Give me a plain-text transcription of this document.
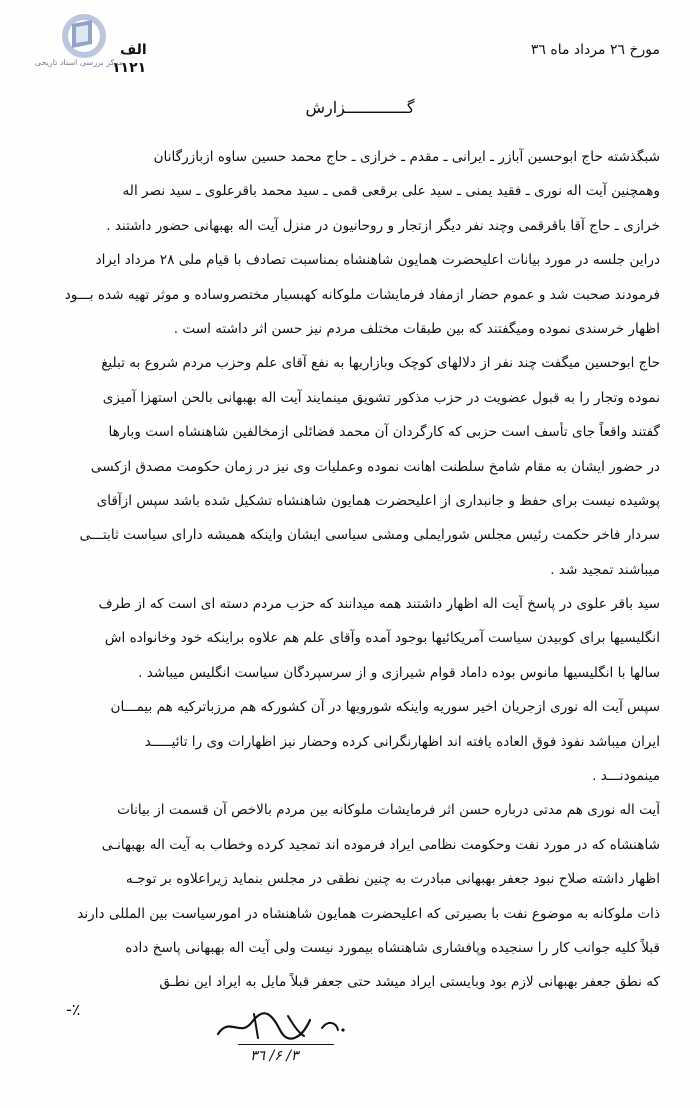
مرکز بررسی اسناد تاریخی
الف
١١٢١
مورخ ٢٦ مرداد ماه ٣٦
گـــــــــــــزارش
شبگذشته حاج ابوحسین آبازر ـ ایرانی ـ مقدم ـ خرازی ـ حاج محمد حسین ساوه ازبازرگانان
وهمچنین آیت اله نوری ـ فقید یمنی ـ سید علی برقعی قمی ـ سید محمد باقرعلوی ـ سید نصر اله
خرازی ـ حاج آقا باقرقمی وچند نفر دیگر ازتجار و روحانیون در منزل آیت اله بهبهانی حضور داشتند .
دراین جلسه در مورد بیانات اعلیحضرت همایون شاهنشاه بمناسبت تصادف با قیام ملی ٢٨ مرداد ایراد
فرمودند صحبت شد و عموم حضار ازمفاد فرمایشات ملوکانه کهبسیار مختصروساده و موثر تهیه شده بـــود
اظهار خرسندی نموده ومیگفتند که بین طبقات مختلف مردم نیز حسن اثر داشته است .
حاج ابوحسین میگفت چند نفر از دلالهای کوچک وبازاریها به نفع آقای علم وحزب مردم شروع به تبلیغ
نموده وتجار را به قبول عضویت در حزب مذکور تشویق مینمایند آیت اله بهبهانی بالحن استهزا آمیزی
گفتند واقعاً جای تأسف است حزبی که کارگردان آن محمد فضائلی ازمخالفین شاهنشاه است وبارها
در حضور ایشان به مقام شامخ سلطنت اهانت نموده وعملیات وی نیز در زمان حکومت مصدق ازکسی
پوشیده نیست برای حفظ و جانبداری از اعلیحضرت همایون شاهنشاه تشکیل شده باشد سپس ازآقای
سردار فاخر حکمت رئیس مجلس شورایملی ومشی سیاسی ایشان واینکه همیشه دارای سیاست ثابتـــی
میباشند تمجید شد .
سید باقر علوی در پاسخ آیت اله اظهار داشتند همه میدانند که حزب مردم دسته ای است که از طرف
انگلیسیها برای کوبیدن سیاست آمریکائیها بوجود آمده وآقای علم هم علاوه براینکه خود وخانواده اش
سالها با انگلیسیها مانوس بوده داماد قوام شیرازی و از سرسپردگان سیاست انگلیس میباشد .
سپس آیت اله نوری ازجریان اخیر سوریه واینکه شورویها در آن کشورکه هم مرزباترکیه هم بیمـــان
ایران میباشد نفوذ فوق العاده یافته اند اظهارنگرانی کرده وحضار نیز اظهارات وی را تائیـــــد
مینمودنـــد .
آیت اله نوری هم مدتی درباره حسن اثر فرمایشات ملوکانه بین مردم بالاخص آن قسمت از بیانات
شاهنشاه که در مورد نفت وحکومت نظامی ایراد فرموده اند تمجید کرده وخطاب به آیت اله بهبهانـی
اظهار داشته صلاح نبود جعفر بهبهانی مبادرت به چنین نطقی در مجلس بنماید زیراعلاوه بر توجـه
ذات ملوکانه به موضوع نفت با بصیرتی که اعلیحضرت همایون شاهنشاه در امورسیاست بین المللی دارند
قبلاً کلیه جوانب کار را سنجیده وپافشاری شاهنشاه بیمورد نیست ولی آیت اله بهبهانی پاسخ داده
که نطق جعفر بهبهانی لازم بود وبایستی ایراد میشد حتی جعفر قبلاً مایل به ایراد این نطـق
-٪
٣/ ۶/ ٣٦
